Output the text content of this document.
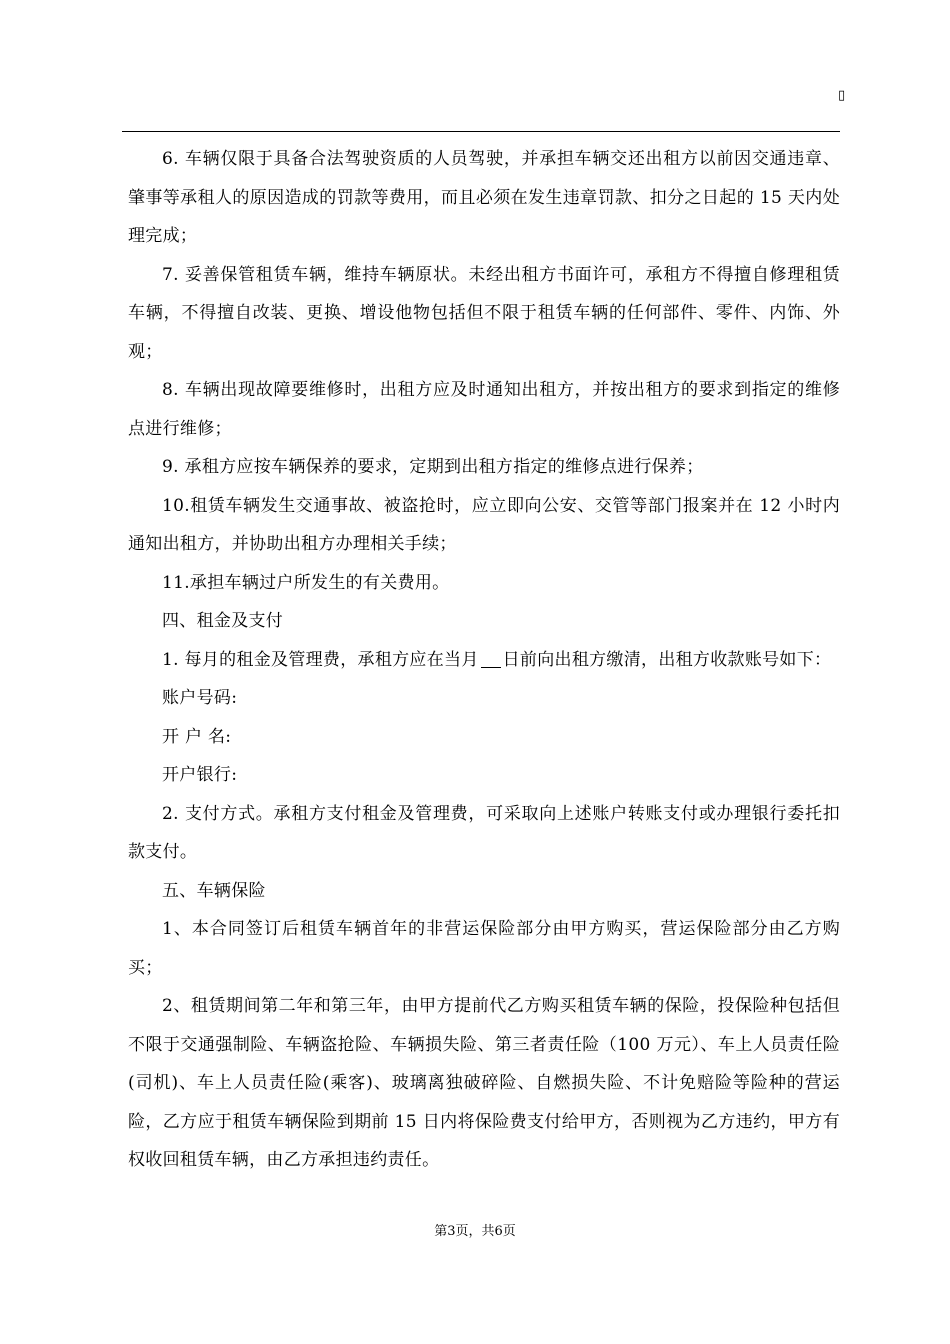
▯

6. 车辆仅限于具备合法驾驶资质的人员驾驶，并承担车辆交还出租方以前因交通违章、肇事等承租人的原因造成的罚款等费用，而且必须在发生违章罚款、扣分之日起的 15 天内处理完成；

7. 妥善保管租赁车辆，维持车辆原状。未经出租方书面许可，承租方不得擅自修理租赁车辆，不得擅自改装、更换、增设他物包括但不限于租赁车辆的任何部件、零件、内饰、外观；

8. 车辆出现故障要维修时，出租方应及时通知出租方，并按出租方的要求到指定的维修点进行维修；

9. 承租方应按车辆保养的要求，定期到出租方指定的维修点进行保养；

10.租赁车辆发生交通事故、被盗抢时，应立即向公安、交管等部门报案并在 12 小时内通知出租方，并协助出租方办理相关手续；

11.承担车辆过户所发生的有关费用。

四、租金及支付

1. 每月的租金及管理费，承租方应在当月 日前向出租方缴清，出租方收款账号如下：

账户号码:

开 户 名:

开户银行:

2. 支付方式。承租方支付租金及管理费，可采取向上述账户转账支付或办理银行委托扣款支付。

五、车辆保险

1、本合同签订后租赁车辆首年的非营运保险部分由甲方购买，营运保险部分由乙方购买；

2、租赁期间第二年和第三年，由甲方提前代乙方购买租赁车辆的保险，投保险种包括但不限于交通强制险、车辆盗抢险、车辆损失险、第三者责任险（100 万元）、车上人员责任险(司机)、车上人员责任险(乘客)、玻璃离独破碎险、自燃损失险、不计免赔险等险种的营运险，乙方应于租赁车辆保险到期前 15 日内将保险费支付给甲方，否则视为乙方违约，甲方有权收回租赁车辆，由乙方承担违约责任。

第3页，共6页
